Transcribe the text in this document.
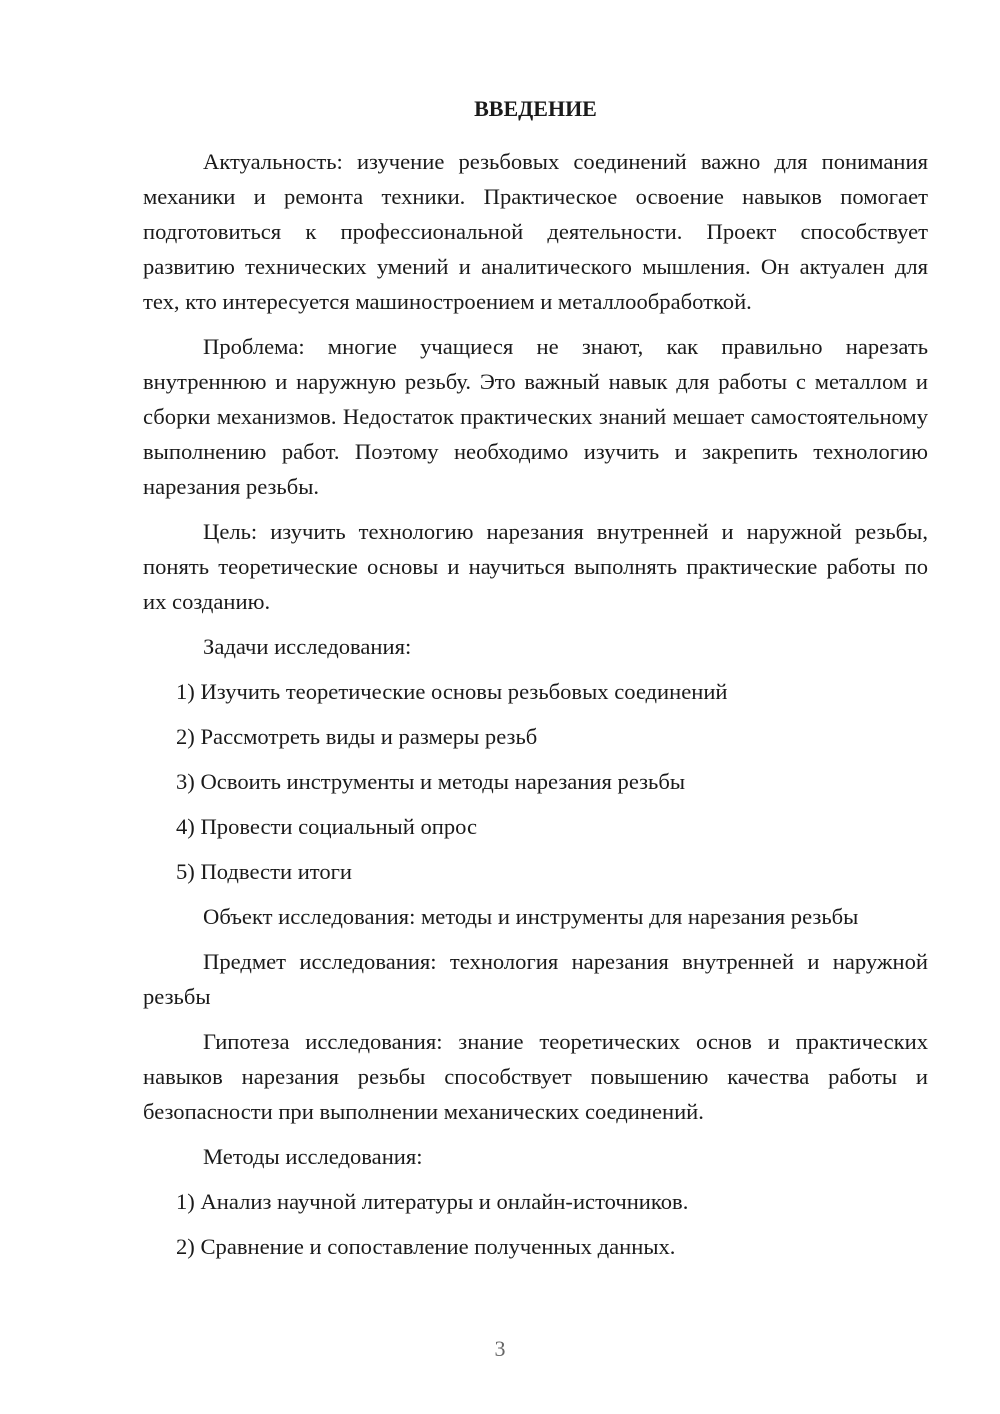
ВВЕДЕНИЕ

Актуальность: изучение резьбовых соединений важно для понимания механики и ремонта техники. Практическое освоение навыков помогает подготовиться к профессиональной деятельности. Проект способствует развитию технических умений и аналитического мышления. Он актуален для тех, кто интересуется машиностроением и металлообработкой.

Проблема: многие учащиеся не знают, как правильно нарезать внутреннюю и наружную резьбу. Это важный навык для работы с металлом и сборки механизмов. Недостаток практических знаний мешает самостоятельному выполнению работ. Поэтому необходимо изучить и закрепить технологию нарезания резьбы.

Цель: изучить технологию нарезания внутренней и наружной резьбы, понять теоретические основы и научиться выполнять практические работы по их созданию.

Задачи исследования:

1) Изучить теоретические основы резьбовых соединений
2) Рассмотреть виды и размеры резьб
3) Освоить инструменты и методы нарезания резьбы
4) Провести социальный опрос
5) Подвести итоги

Объект исследования: методы и инструменты для нарезания резьбы

Предмет исследования: технология нарезания внутренней и наружной резьбы

Гипотеза исследования: знание теоретических основ и практических навыков нарезания резьбы способствует повышению качества работы и безопасности при выполнении механических соединений.

Методы исследования:

1) Анализ научной литературы и онлайн-источников.
2) Сравнение и сопоставление полученных данных.
3
